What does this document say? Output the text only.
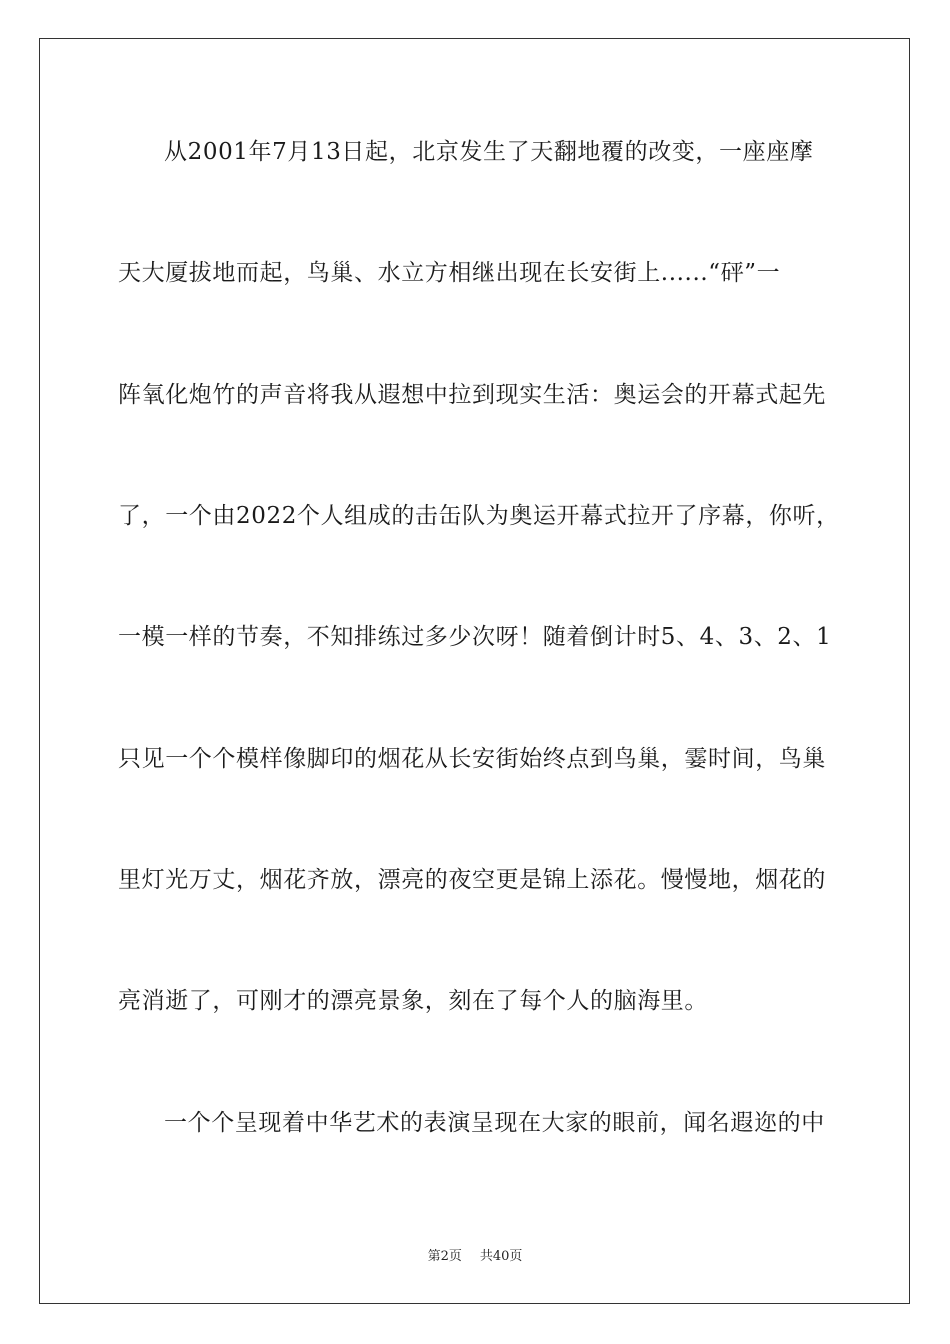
从2001年7月13日起，北京发生了天翻地覆的改变，一座座摩
天大厦拔地而起，鸟巢、水立方相继出现在长安街上......“砰”一
阵氧化炮竹的声音将我从遐想中拉到现实生活：奥运会的开幕式起先
了，一个由2022个人组成的击缶队为奥运开幕式拉开了序幕，你听，
一模一样的节奏，不知排练过多少次呀！随着倒计时5、4、3、2、1
只见一个个模样像脚印的烟花从长安街始终点到鸟巢，霎时间，鸟巢
里灯光万丈，烟花齐放，漂亮的夜空更是锦上添花。慢慢地，烟花的
亮消逝了，可刚才的漂亮景象，刻在了每个人的脑海里。
一个个呈现着中华艺术的表演呈现在大家的眼前，闻名遐迩的中
第2页 共40页
